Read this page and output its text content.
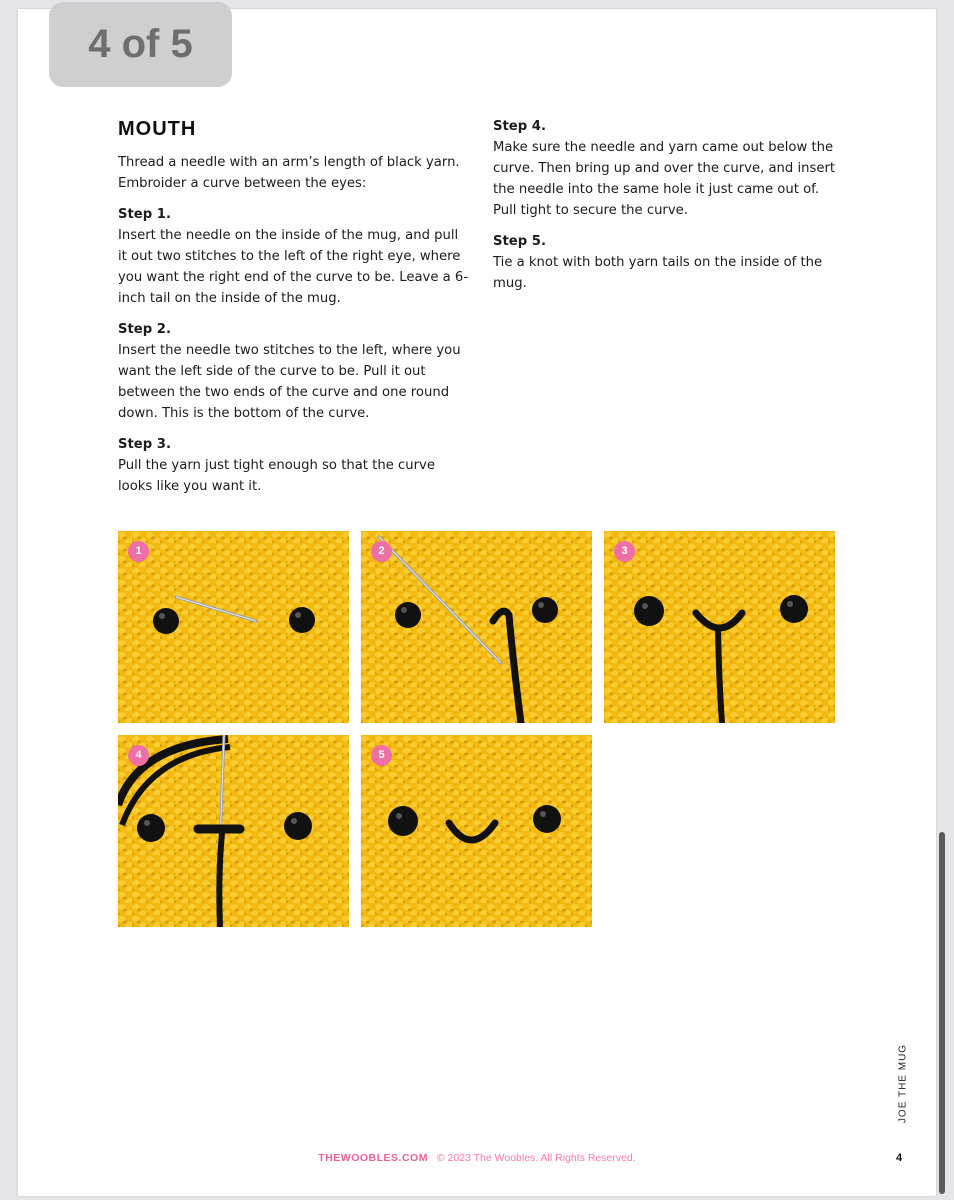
4 of 5
MOUTH
Thread a needle with an arm’s length of black yarn. Embroider a curve between the eyes:
Step 1.
Insert the needle on the inside of the mug, and pull it out two stitches to the left of the right eye, where you want the right end of the curve to be. Leave a 6-inch tail on the inside of the mug.
Step 2.
Insert the needle two stitches to the left, where you want the left side of the curve to be. Pull it out between the two ends of the curve and one round down. This is the bottom of the curve.
Step 3.
Pull the yarn just tight enough so that the curve looks like you want it.
Step 4.
Make sure the needle and yarn came out below the curve. Then bring up and over the curve, and insert the needle into the same hole it just came out of. Pull tight to secure the curve.
Step 5.
Tie a knot with both yarn tails on the inside of the mug.
1	2	3
4	5
JOE THE MUG
THEWOOBLES.COM © 2023 The Woobles. All Rights Reserved.	4
